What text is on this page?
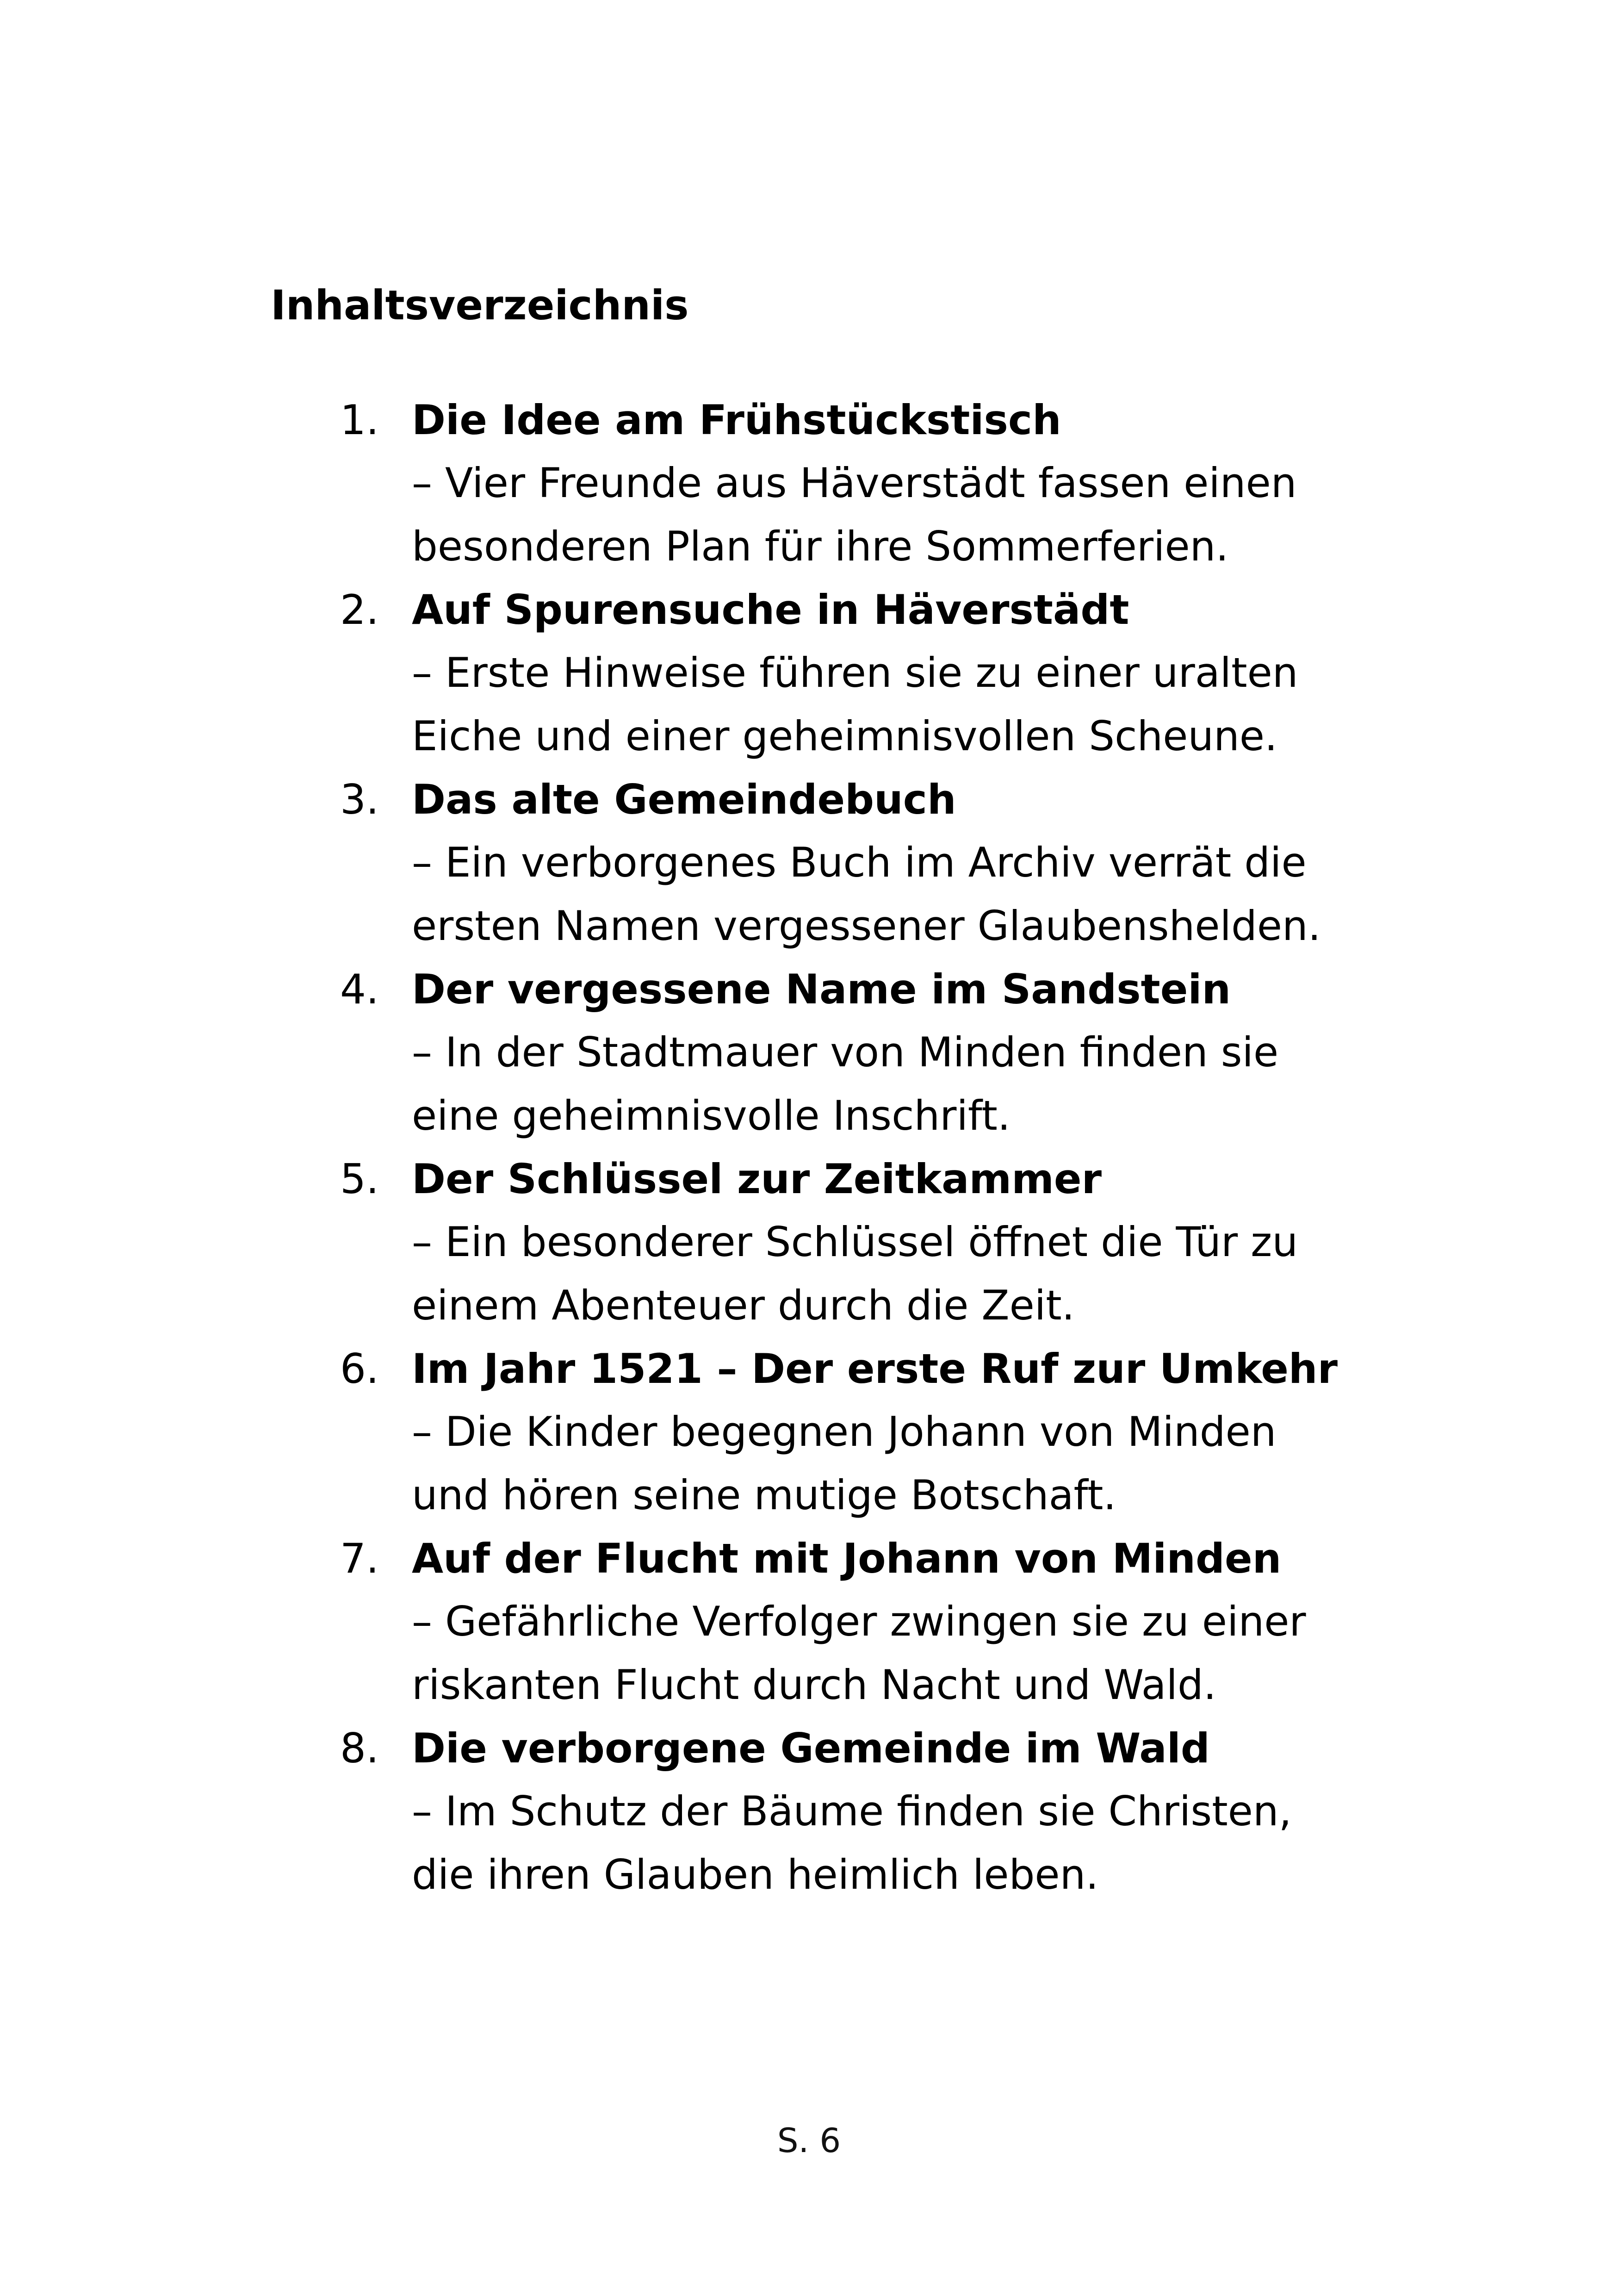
Inhaltsverzeichnis
1. Die Idee am Frühstückstisch
– Vier Freunde aus Häverstädt fassen einen
besonderen Plan für ihre Sommerferien.
2. Auf Spurensuche in Häverstädt
– Erste Hinweise führen sie zu einer uralten
Eiche und einer geheimnisvollen Scheune.
3. Das alte Gemeindebuch
– Ein verborgenes Buch im Archiv verrät die
ersten Namen vergessener Glaubenshelden.
4. Der vergessene Name im Sandstein
– In der Stadtmauer von Minden finden sie
eine geheimnisvolle Inschrift.
5. Der Schlüssel zur Zeitkammer
– Ein besonderer Schlüssel öffnet die Tür zu
einem Abenteuer durch die Zeit.
6. Im Jahr 1521 – Der erste Ruf zur Umkehr
– Die Kinder begegnen Johann von Minden
und hören seine mutige Botschaft.
7. Auf der Flucht mit Johann von Minden
– Gefährliche Verfolger zwingen sie zu einer
riskanten Flucht durch Nacht und Wald.
8. Die verborgene Gemeinde im Wald
– Im Schutz der Bäume finden sie Christen,
die ihren Glauben heimlich leben.
S. 6
